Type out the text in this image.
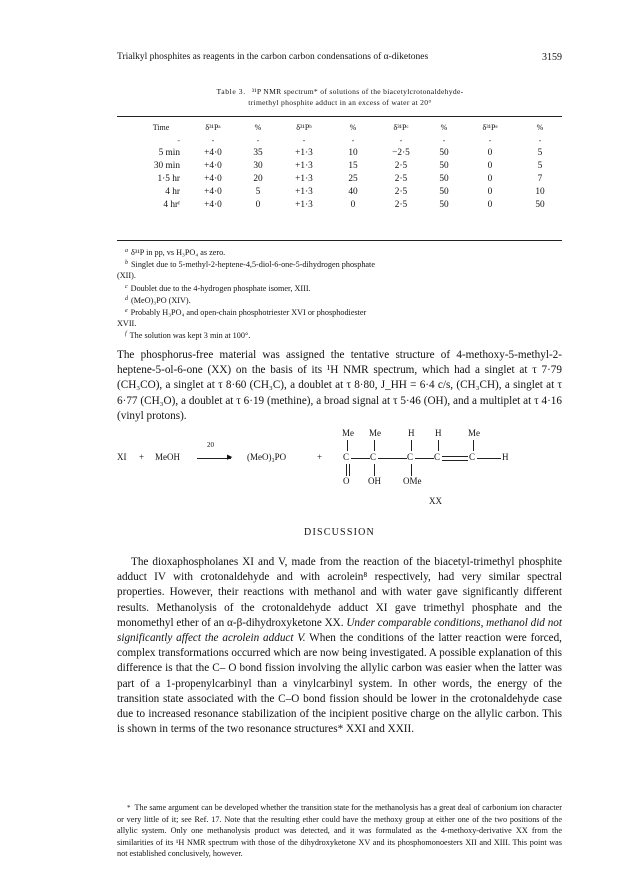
Trialkyl phosphites as reagents in the carbon carbon condensations of α-diketones	3159
Table 3. ³¹P NMR spectrum* of solutions of the biacetylcrotonaldehyde-
trimethyl phosphite adduct in an excess of water at 20°
Time	δ³¹Pᵃ	%	δ³¹Pᵇ	%	δ³¹Pᶜ	%	δ³¹Pᵉ	%
-	-	-	-	-	-	-	-	-
5 min	+4·0	35	+1·3	10	−2·5	50	0	5
30 min	+4·0	30	+1·3	15	2·5	50	0	5
1·5 hr	+4·0	20	+1·3	25	2·5	50	0	7
4 hr	+4·0	5	+1·3	40	2·5	50	0	10
4 hrᶠ	+4·0	0	+1·3	0	2·5	50	0	50

$^a$ δ³¹P in pp, vs H₃PO₄ as zero.

$^b$ Singlet due to 5-methyl-2-heptene-4,5-diol-6-one-5-dihydrogen phosphate

(XII).

$^c$ Doublet due to the 4-hydrogen phosphate isomer, XIII.

$^d$ (MeO)₃PO (XIV).

$^e$ Probably H₃PO₄ and open-chain phosphotriester XVI or phosphodiester

XVII.

$^f$ The solution was kept 3 min at 100°.

The phosphorus-free material was assigned the tentative structure of 4-methoxy-5-methyl-2-heptene-5-ol-6-one (XX) on the basis of its ¹H NMR spectrum, which had a singlet at τ 7·79 (CH₃CO), a singlet at τ 8·60 (CH₃C), a doublet at τ 8·80, J_HH = 6·4 c/s, (CH₃CH), a singlet at τ 6·77 (CH₃O), a doublet at τ 6·19 (methine), a broad signal at τ 5·46 (OH), and a multiplet at τ 4·16 (vinyl protons).

XI + MeOH
20
▶ (MeO)₃PO	+
Me Me	H H	Me
C C	C C	C	H
O OH OMe
XX
DISCUSSION

The dioxaphospholanes XI and V, made from the reaction of the biacetyl-trimethyl phosphite adduct IV with crotonaldehyde and with acrolein⁸ respectively, had very similar spectral properties. However, their reactions with methanol and with water gave significantly different results. Methanolysis of the crotonaldehyde adduct XI gave trimethyl phosphate and the monomethyl ether of an α-β-dihydroxyketone XX. Under comparable conditions, methanol did not significantly affect the acrolein adduct V. When the conditions of the latter reaction were forced, complex transformations occurred which are now being investigated. A possible explanation of this difference is that the C– O bond fission involving the allylic carbon was easier when the latter was part of a 1-propenylcarbinyl than a vinylcarbinyl system. In other words, the energy of the transition state associated with the C–O bond fission should be lower in the crotonaldehyde case due to increased resonance stabilization of the incipient positive charge on the allylic carbon. This is shown in terms of the two resonance structures* XXI and XXII.

* The same argument can be developed whether the transition state for the methanolysis has a great deal of carbonium ion character or very little of it; see Ref. 17. Note that the resulting ether could have the methoxy group at either one of the two positions of the allylic system. Only one methanolysis product was detected, and it was formulated as the 4-methoxy-derivative XX from the similarities of its ¹H NMR spectrum with those of the dihydroxyketone XV and its phosphomonoesters XII and XIII. This point was not established conclusively, however.
